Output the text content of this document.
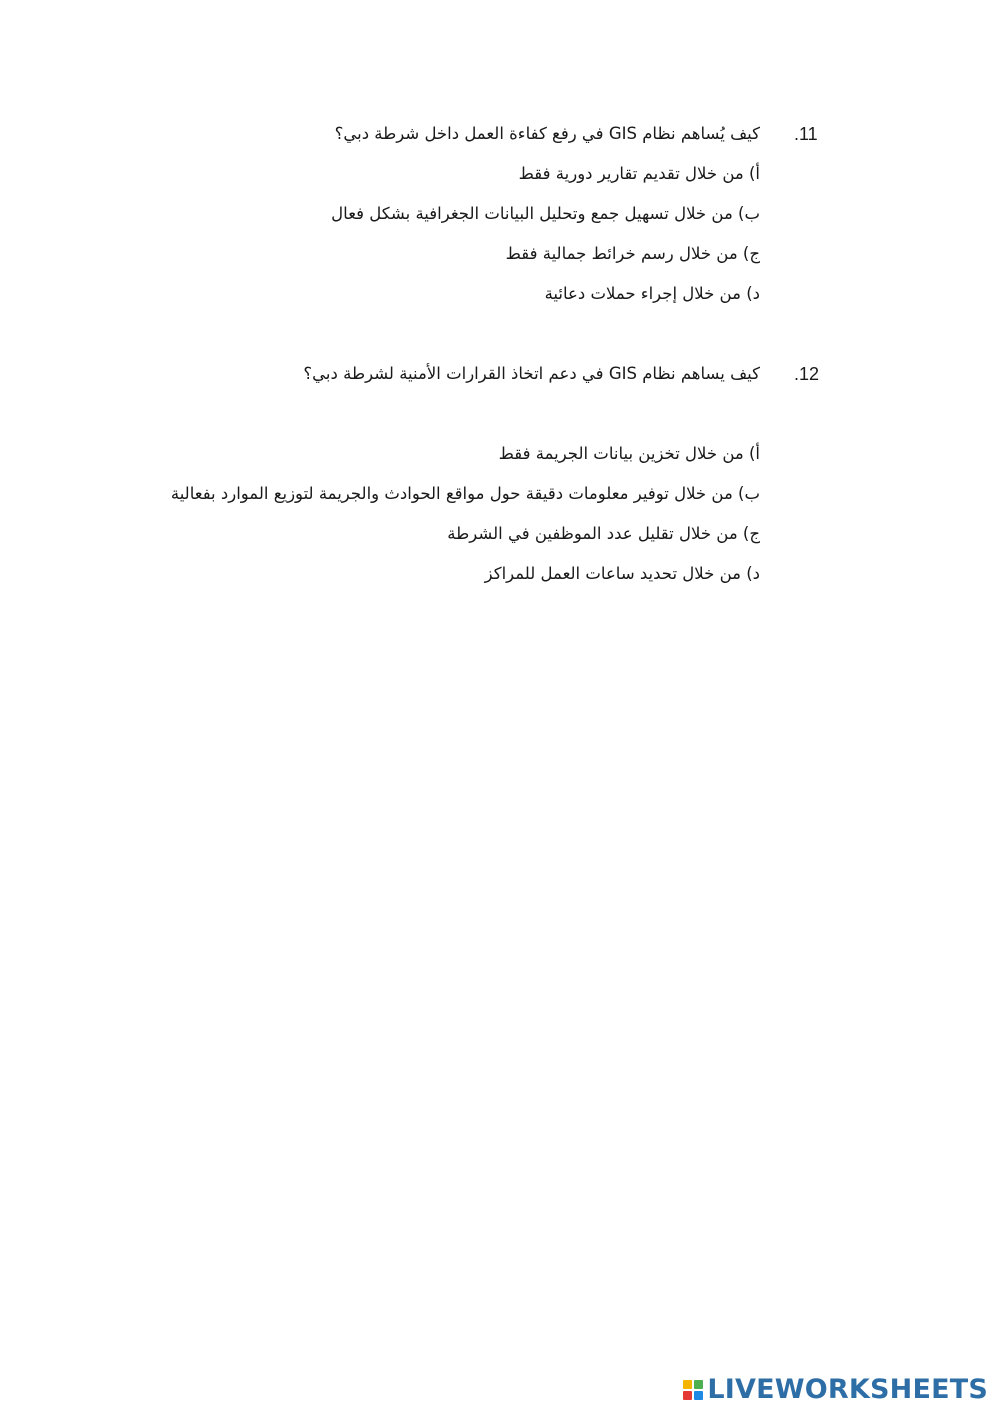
.11
كيف يُساهم نظام GIS في رفع كفاءة العمل داخل شرطة دبي؟
أ) من خلال تقديم تقارير دورية فقط
ب) من خلال تسهيل جمع وتحليل البيانات الجغرافية بشكل فعال
ج) من خلال رسم خرائط جمالية فقط
د) من خلال إجراء حملات دعائية
.12
كيف يساهم نظام GIS في دعم اتخاذ القرارات الأمنية لشرطة دبي؟
أ) من خلال تخزين بيانات الجريمة فقط
ب) من خلال توفير معلومات دقيقة حول مواقع الحوادث والجريمة لتوزيع الموارد بفعالية
ج) من خلال تقليل عدد الموظفين في الشرطة
د) من خلال تحديد ساعات العمل للمراكز
LIVEWORKSHEETS
